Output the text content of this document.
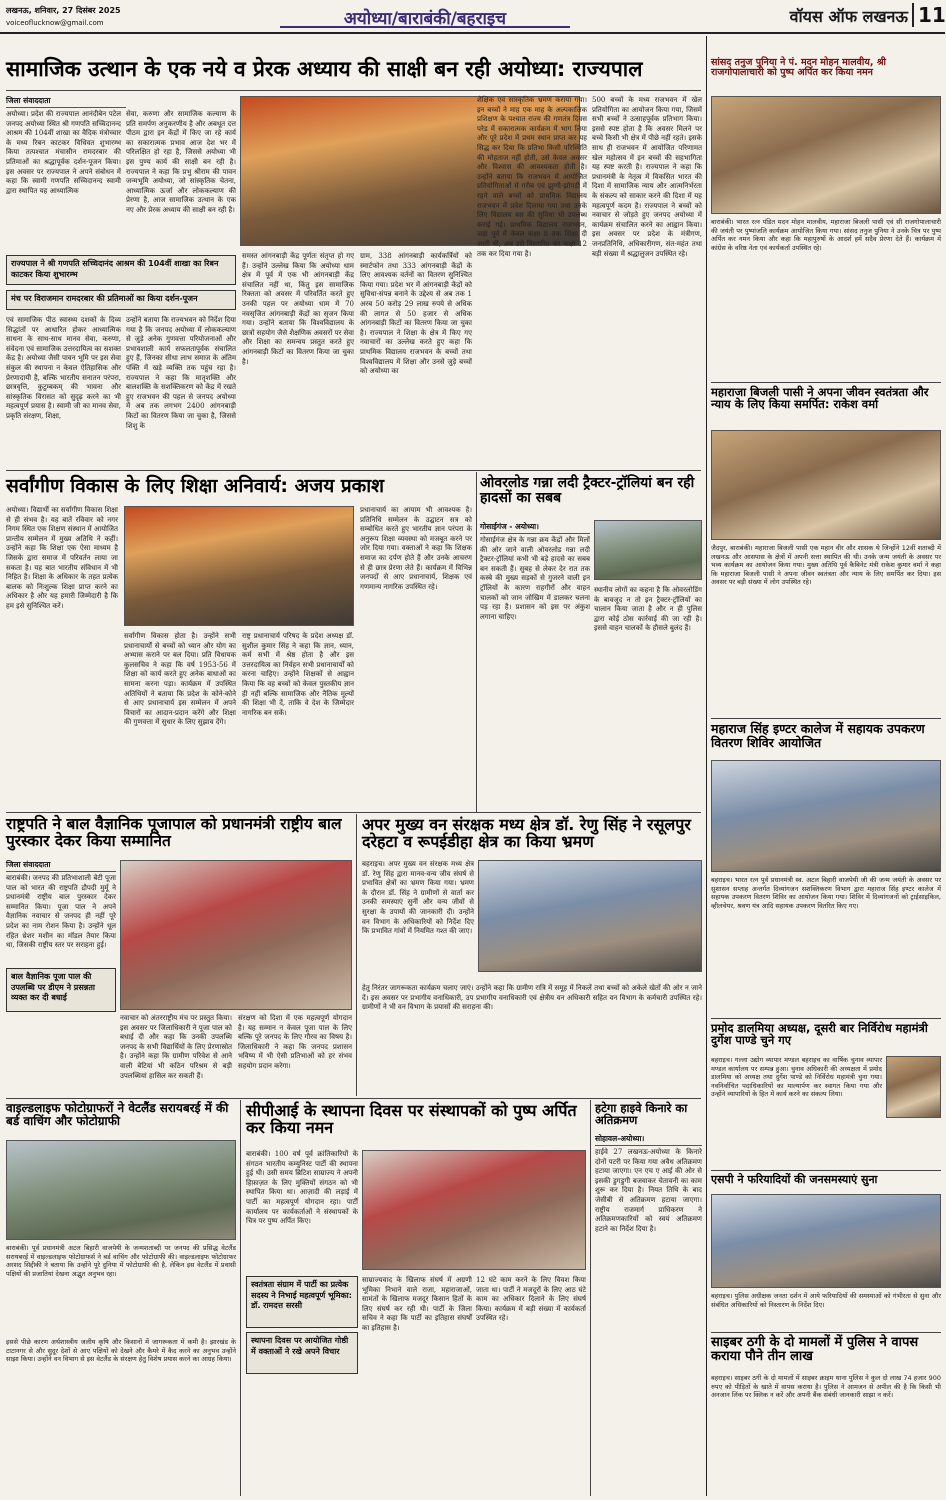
लखनऊ, शनिवार, 27 दिसंबर 2025
voiceoflucknow@gmail.com	अयोध्या/बाराबंकी/बहराइच	वॉयस ऑफ लखनऊ 11
सामाजिक उत्थान के एक नये व प्रेरक अध्याय की साक्षी बन रही अयोध्या: राज्यपाल
जिला संवाददाता
अयोध्या। प्रदेश की राज्यपाल आनंदीबेन पटेल जनपद अयोध्या स्थित श्री गणपति सच्चिदानन्द आश्रम की 104वीं शाखा का वैदिक मंत्रोच्चार के मध्य रिबन काटकर विधिवत शुभारम्भ किया तत्पश्चात मंचासीन रामदरबार की प्रतिमाओं का श्रद्धापूर्वक दर्शन-पूजन किया। इस अवसर पर राज्यपाल ने अपने संबोधन में कहा कि स्वामी गणपति सच्चिदानन्द स्वामी द्वारा स्थापित यह आध्यात्मिक
सेवा, करुणा और सामाजिक कल्याण के प्रति समर्पण अनुकरणीय है और अबधूत दत्त पीठम द्वारा इन केंद्रों में किए जा रहे कार्य का सकारात्मक प्रभाव आज देश भर में परिलक्षित हो रहा है, जिससे अयोध्या भी इस पुण्य कार्य की साक्षी बन रही है। राज्यपाल ने कहा कि प्रभु श्रीराम की पावन जन्मभूमि अयोध्या, जो सांस्कृतिक चेतना, आध्यात्मिक ऊर्जा और लोककल्याण की प्रेरणा है, आज सामाजिक उत्थान के एक नए और प्रेरक अध्याय की साक्षी बन रही है।
राज्यपाल ने श्री गणपति सच्चिदानंद आश्रम की 104वीं शाखा का रिबन काटकर किया शुभारम्भ
मंच पर विराजमान रामदरबार की प्रतिमाओं का किया दर्शन-पूजन
एवं सामाजिक पीठ स्वास्थ्य दशकों के दिव्य सिद्धांतों पर आधारित होकर आध्यात्मिक साधना के साथ-साथ मानव सेवा, करुणा, संवेदना एवं सामाजिक उत्तरदायित्व का सशक्त केंद्र है। अयोध्या जैसी पावन भूमि पर इस सेवा संकुल की स्थापना न केवल ऐतिहासिक और प्रेरणादायी है, बल्कि भारतीय सनातन परंपरा, छात्रवृत्ति, कुटुम्बकम् की भावना और सांस्कृतिक विरासत को सुदृढ़ करने का भी महत्वपूर्ण प्रयास है। स्वामी जी का मानव सेवा, प्रकृति संरक्षण, शिक्षा,
उन्होंने बताया कि राज्यभवन को निर्देश दिया गया है कि जनपद अयोध्या में लोककल्याण से जुड़े अनेक गुणवत्ता परियोजनाओं और प्रभावशाली कार्य सफलतापूर्वक संचालित हुए हैं, जिनका सीधा लाभ समाज के अंतिम पंक्ति में खड़े व्यक्ति तक पहुंच रहा है। राज्यपाल ने कहा कि मातृशक्ति और बालशक्ति के सशक्तिकरण को केंद्र में रखते हुए राजभवन की पहल से जनपद अयोध्या में अब तक लगभग 2400 आंगनबाड़ी किटों का वितरण किया जा चुका है, जिससे शिशु के
समस्त आंगनबाड़ी केंद्र पूर्णतः संतृप्त हो गए हैं। उन्होंने उल्लेख किया कि अयोध्या धाम क्षेत्र में पूर्व में एक भी आंगनबाड़ी केंद्र संचालित नहीं था, किंतु इस सामाजिक रिक्तता को अवसर में परिवर्तित करते हुए उनकी पहल पर अयोध्या धाम में 70 नवसृजित आंगनबाड़ी केंद्रों का सृजन किया गया। उन्होंने बताया कि विश्वविद्यालय के छात्रों सहयोग जैसे शैक्षणिक अवसरों पर सेवा और शिक्षा का समन्वय प्रस्तुत करते हुए आंगनबाड़ी किटों का वितरण किया जा चुका है।
ग्राम, 338 आंगनबाड़ी कार्यकर्त्रियों को स्मार्टफोन तथा 333 आंगनबाड़ी केंद्रों के लिए आवश्यक वर्तनों का वितरण सुनिश्चित किया गया। प्रदेश भर में आंगनबाड़ी केंद्रों को सुविधा-संपन्न बनाने के उद्देश्य से अब तक 1 अरब 50 करोड़ 29 लाख रुपये से अधिक की लागत से 50 हजार से अधिक आंगनबाड़ी किटों का वितरण किया जा चुका है। राज्यपाल ने शिक्षा के क्षेत्र में किए गए नवाचारों का उल्लेख करते हुए कहा कि प्राथमिक विद्यालय राजभवन के बच्चों तथा विश्वविद्यालय में शिक्षा और उनसे जुड़े बच्चों को अयोध्या का
शैक्षिक एवं सांस्कृतिक भ्रमण कराया गया। इन बच्चों ने माह एक माह के अल्पकालिक प्रशिक्षण के पश्चात राज्य की गणतंत्र दिवस परेड में सकारात्मक कार्यक्रम में भाग लिया और पूरे प्रदेश में प्रथम स्थान प्राप्त कर यह सिद्ध कर दिया कि प्रतिभा किसी परिस्थिति की मोहताज नहीं होती, उसे केवल अवसर और विश्वास की आवश्यकता होती है। उन्होंने बताया कि राजभवन में आयोजित प्रतियोगिताओं में गरीब एवं झुग्गी-झोपड़ी में रहने वाले बच्चों को प्राथमिक विद्यालय राजभवन में प्रवेश दिलाया गया तथा उनके लिए विद्यालय बस की सुविधा भी उपलब्ध कराई गई। प्राथमिक विद्यालय राजभवन, जहां पूर्व में केवल कक्षा 8 तक शिक्षा दी जाती थी, अब उसे विस्तारित कर कक्षा 12 तक कर दिया गया है।
500 बच्चों के मध्य राजभवन में खेल प्रतियोगिता का आयोजन किया गया, जिसमें सभी बच्चों ने उत्साहपूर्वक प्रतिभाग किया। इससे स्पष्ट होता है कि अवसर मिलने पर बच्चे किसी भी क्षेत्र में पीछे नहीं रहते। इसके साथ ही राजभवन में आयोजित परिणामत खेल महोत्सव में इन बच्चों की सहभागिता यह स्पष्ट करती है। राज्यपाल ने कहा कि प्रधानमंत्री के नेतृत्व में विकसित भारत की दिशा में सामाजिक न्याय और आत्मनिर्भरता के संकल्प को साकार करने की दिशा में यह महत्वपूर्ण कदम है। राज्यपाल ने बच्चों को नवाचार से जोड़ते हुए जनपद अयोध्या में कार्यक्रम संचालित करने का आह्वान किया। इस अवसर पर प्रदेश के मंत्रीगण, जनप्रतिनिधि, अधिकारीगण, संत-महंत तथा बड़ी संख्या में श्रद्धालुजन उपस्थित रहे।
सर्वांगीण विकास के लिए शिक्षा अनिवार्य: अजय प्रकाश
अयोध्या। विद्यार्थी का सर्वांगीण विकास शिक्षा से ही संभव है। यह बातें रविवार को नगर निगम स्थित एक शिक्षण संस्थान में आयोजित प्रान्तीय सम्मेलन में मुख्य अतिथि ने कहीं। उन्होंने कहा कि शिक्षा एक ऐसा माध्यम है जिसके द्वारा समाज में परिवर्तन लाया जा सकता है। यह बात भारतीय संविधान में भी निहित है। शिक्षा के अधिकार के तहत प्रत्येक बालक को निःशुल्क शिक्षा प्राप्त करने का अधिकार है और यह हमारी जिम्मेदारी है कि हम इसे सुनिश्चित करें।
सर्वांगीण विकास होता है। उन्होंने सभी प्रधानाचार्यों से बच्चों को ध्यान और योग का अभ्यास कराने पर बल दिया। प्रति विधायक कुलसचिव ने कहा कि वर्ष 1953-56 में शिक्षा को कार्य करते हुए अनेक बाधाओं का सामना करना पड़ा। कार्यक्रम में उपस्थित अतिथियों ने बताया कि प्रदेश के कोने-कोने से आए प्रधानाचार्य इस सम्मेलन में अपने विचारों का आदान-प्रदान करेंगे और शिक्षा की गुणवत्ता में सुधार के लिए सुझाव देंगे।
राष्ट्र प्रधानाचार्य परिषद के प्रदेश अध्यक्ष डॉ. सुशील कुमार सिंह ने कहा कि ज्ञान, ध्यान, कर्म सभी में श्रेष्ठ होता है और इस उत्तरदायित्व का निर्वहन सभी प्रधानाचार्यों को करना चाहिए। उन्होंने शिक्षकों से आह्वान किया कि वह बच्चों को केवल पुस्तकीय ज्ञान ही नहीं बल्कि सामाजिक और नैतिक मूल्यों की शिक्षा भी दें, ताकि वे देश के जिम्मेदार नागरिक बन सकें।
प्रधानाचार्य का आयाम भी आवश्यक है। प्रतिनिधि सम्मेलन के उद्घाटन सत्र को सम्बोधित करते हुए भारतीय ज्ञान परंपरा के अनुरूप शिक्षा व्यवस्था को मजबूत करने पर जोर दिया गया। वक्ताओं ने कहा कि शिक्षक समाज का दर्पण होते हैं और उनके आचरण से ही छात्र प्रेरणा लेते हैं। कार्यक्रम में विभिन्न जनपदों से आए प्रधानाचार्य, शिक्षक एवं गणमान्य नागरिक उपस्थित रहे।
ओवरलोड गन्ना लदी ट्रैक्टर-ट्रॉलियां बन रही हादसों का सबब
गोसाईगंज - अयोध्या।
गोसाईगंज क्षेत्र के गन्ना क्रय केंद्रों और मिलों की ओर जाने वाली ओवरलोड गन्ना लदी ट्रैक्टर-ट्रॉलियां कभी भी बड़े हादसे का सबब बन सकती हैं। सुबह से लेकर देर रात तक कस्बे की मुख्य सड़कों से गुजरने वाली इन ट्रॉलियों के कारण राहगीरों और वाहन चालकों को जान जोखिम में डालकर चलना पड़ रहा है। प्रशासन को इस पर अंकुश लगाना चाहिए।
स्थानीय लोगों का कहना है कि ओवरलोडिंग के बावजूद न तो इन ट्रैक्टर-ट्रॉलियों का चालान किया जाता है और न ही पुलिस द्वारा कोई ठोस कार्रवाई की जा रही है। इससे वाहन चालकों के हौसले बुलंद हैं।
राष्ट्रपति ने बाल वैज्ञानिक पूजापाल को प्रधानमंत्री राष्ट्रीय बाल पुरस्कार देकर किया सम्मानित
जिला संवाददाता
बाराबंकी। जनपद की प्रतिभाशाली बेटी पूजा पाल को भारत की राष्ट्रपति द्रौपदी मुर्मू ने प्रधानमंत्री राष्ट्रीय बाल पुरस्कार देकर सम्मानित किया। पूजा पाल ने अपने वैज्ञानिक नवाचार से जनपद ही नहीं पूरे प्रदेश का नाम रोशन किया है। उन्होंने धूल रहित थ्रेशर मशीन का मॉडल तैयार किया था, जिसकी राष्ट्रीय स्तर पर सराहना हुई।
बाल वैज्ञानिक पूजा पाल की उपलब्धि पर डीएम ने प्रसन्नता व्यक्त कर दी बधाई
नवाचार को अंतरराष्ट्रीय मंच पर प्रस्तुत किया। इस अवसर पर जिलाधिकारी ने पूजा पाल को बधाई दी और कहा कि उनकी उपलब्धि जनपद के सभी विद्यार्थियों के लिए प्रेरणास्रोत है। उन्होंने कहा कि ग्रामीण परिवेश से आने वाली बेटियां भी कठिन परिश्रम से बड़ी उपलब्धियां हासिल कर सकती हैं।
संरक्षण को दिशा में एक महत्वपूर्ण योगदान है। यह सम्मान न केवल पूजा पाल के लिए बल्कि पूरे जनपद के लिए गौरव का विषय है। जिलाधिकारी ने कहा कि जनपद प्रशासन भविष्य में भी ऐसी प्रतिभाओं को हर संभव सहयोग प्रदान करेगा।
अपर मुख्य वन संरक्षक मध्य क्षेत्र डॉ. रेणु सिंह ने रसूलपुर दरेहटा व रूपईडीहा क्षेत्र का किया भ्रमण
बहराइच। अपर मुख्य वन संरक्षक मध्य क्षेत्र डॉ. रेणु सिंह द्वारा मानव-वन्य जीव संघर्ष से प्रभावित क्षेत्रों का भ्रमण किया गया। भ्रमण के दौरान डॉ. सिंह ने ग्रामीणों से वार्ता कर उनकी समस्याएं सुनीं और वन्य जीवों से सुरक्षा के उपायों की जानकारी दी। उन्होंने वन विभाग के अधिकारियों को निर्देश दिए कि प्रभावित गांवों में नियमित गश्त की जाए।
हेतु निरंतर जागरूकता कार्यक्रम चलाए जाएं। उन्होंने कहा कि ग्रामीण रात्रि में समूह में निकलें तथा बच्चों को अकेले खेतों की ओर न जाने दें। इस अवसर पर प्रभागीय वनाधिकारी, उप प्रभागीय वनाधिकारी एवं क्षेत्रीय वन अधिकारी सहित वन विभाग के कर्मचारी उपस्थित रहे। ग्रामीणों ने भी वन विभाग के प्रयासों की सराहना की।
वाइल्डलाइफ फोटोग्राफरों ने वेटलैंड सरायबरई में की बर्ड वाचिंग और फोटोग्राफी
बाराबंकी। पूर्व प्रधानमंत्री अटल बिहारी वाजपेयी के जन्मशताब्दी पर जनपद की प्रसिद्ध वेटलैंड सरायबरई में वाइल्डलाइफ फोटोग्राफर्स ने बर्ड वाचिंग और फोटोग्राफी की। वाइल्डलाइफ फोटोग्राफर अरशद सिद्दीकी ने बताया कि उन्होंने पूरे दुनिया में फोटोग्राफी की है, लेकिन इस वेटलैंड में प्रवासी पक्षियों की प्रजातियां देखना अद्भुत अनुभव रहा।
इससे पीछे कारण अर्थशास्त्रीय जलीय कृषि और किसानों में जागरूकता में कमी है। झारखंड के टाटानगर से और सुदूर देशों से आए पक्षियों को देखने और कैमरे में कैद करने का अनुभव उन्होंने साझा किया। उन्होंने वन विभाग से इस वेटलैंड के संरक्षण हेतु विशेष प्रयास करने का आग्रह किया।
सीपीआई के स्थापना दिवस पर संस्थापकों को पुष्प अर्पित कर किया नमन
बाराबंकी। 100 वर्ष पूर्व क्रांतिकारियों के संगठन भारतीय कम्युनिस्ट पार्टी की स्थापना हुई थी। उसी समय ब्रिटिश साम्राज्य ने अपनी हिफ़ाज़त के लिए मुक्तियों संगठन को भी स्थापित किया था। आज़ादी की लड़ाई में पार्टी का महत्वपूर्ण योगदान रहा। पार्टी कार्यालय पर कार्यकर्ताओं ने संस्थापकों के चित्र पर पुष्प अर्पित किए।
स्वतंत्रता संग्राम में पार्टी का प्रत्येक सदस्य ने निभाई महत्वपूर्ण भूमिका: डॉ. रामदत्त सरसी
स्थापना दिवस पर आयोजित गोष्ठी में वक्ताओं ने रखे अपने विचार
साम्राज्यवाद के खिलाफ संघर्ष में अग्रणी भूमिका निभाने वाले राजा, महाराजाओं, सामंतों के खिलाफ मजदूर किसान हितों के लिए संघर्ष कर रही थी। पार्टी के जिला सचिव ने कहा कि पार्टी का इतिहास संघर्षों का इतिहास है।
12 घंटे काम करने के लिए विवश किया जाता था। पार्टी ने मजदूरों के लिए आठ घंटे काम का अधिकार दिलाने के लिए संघर्ष किया। कार्यक्रम में बड़ी संख्या में कार्यकर्ता उपस्थित रहे।
हटेगा हाइवे किनारे का अतिक्रमण
सोहावल-अयोध्या।
हाईवे 27 लखनऊ-अयोध्या के किनारे दोनों पटरी पर किया गया अवैध अतिक्रमण हटाया जाएगा। एन एच ए आई की ओर से इसकी डुगडुगी बजवाकर चेतावनी का काम शुरू कर दिया है। नियत तिथि के बाद जेसीबी से अतिक्रमण हटाया जाएगा। राष्ट्रीय राजमार्ग प्राधिकरण ने अतिक्रमणकारियों को स्वयं अतिक्रमण हटाने का निर्देश दिया है।
सांसद तनुज पुनिया ने पं. मदन मोहन मालवीय, श्री राजगोपालाचारी को पुष्प अर्पित कर किया नमन
बाराबंकी। भारत रत्न पंडित मदन मोहन मालवीय, महाराजा बिजली पासी एवं सी राजगोपालाचारी की जयंती पर पुष्पांजलि कार्यक्रम आयोजित किया गया। सांसद तनुज पुनिया ने उनके चित्र पर पुष्प अर्पित कर नमन किया और कहा कि महापुरुषों के आदर्श हमें सदैव प्रेरणा देते हैं। कार्यक्रम में कांग्रेस के वरिष्ठ नेता एवं कार्यकर्ता उपस्थित रहे।
महाराजा बिजली पासी ने अपना जीवन स्वतंत्रता और न्याय के लिए किया समर्पित: राकेश वर्मा
जैदपुर, बाराबंकी। महाराजा बिजली पासी एक महान वीर और शासक थे जिन्होंने 12वीं शताब्दी में लखनऊ और आसपास के क्षेत्रों में अपनी सत्ता स्थापित की थी। उनके जन्म जयंती के अवसर पर भव्य कार्यक्रम का आयोजन किया गया। मुख्य अतिथि पूर्व कैबिनेट मंत्री राकेश कुमार वर्मा ने कहा कि महाराजा बिजली पासी ने अपना जीवन स्वतंत्रता और न्याय के लिए समर्पित कर दिया। इस अवसर पर बड़ी संख्या में लोग उपस्थित रहे।
महाराज सिंह इण्टर कालेज में सहायक उपकरण वितरण शिविर आयोजित
बहराइच। भारत रत्न पूर्व प्रधानमंत्री स्व. अटल बिहारी वाजपेयी जी की जन्म जयंती के अवसर पर सुशासन सप्ताह अन्तर्गत दिव्यांगजन सशक्तिकरण विभाग द्वारा महाराज सिंह इण्टर कालेज में सहायक उपकरण वितरण शिविर का आयोजन किया गया। शिविर में दिव्यांगजनों को ट्राईसाइकिल, व्हीलचेयर, श्रवण यंत्र आदि सहायक उपकरण वितरित किए गए।
प्रमोद डालमिया अध्यक्ष, दूसरी बार निर्विरोध महामंत्री दुर्गेश पाण्डे चुने गए
बहराइच। गल्ला उद्योग व्यापार मण्डल बहराइच का वार्षिक चुनाव व्यापार मण्डल कार्यालय पर सम्पन्न हुआ। चुनाव अधिकारी की अध्यक्षता में प्रमोद डालमिया को अध्यक्ष तथा दुर्गेश पाण्डे को निर्विरोध महामंत्री चुना गया। नवनिर्वाचित पदाधिकारियों का माल्यार्पण कर स्वागत किया गया और उन्होंने व्यापारियों के हित में कार्य करने का संकल्प लिया।
एसपी ने फरियादियों की जनसमस्याएं सुना
बहराइच। पुलिस अधीक्षक जनता दर्शन में आये फरियादियों की समस्याओं को गंभीरता से सुना और संबंधित अधिकारियों को निस्तारण के निर्देश दिए।
साइबर ठगी के दो मामलों में पुलिस ने वापस कराया पौने तीन लाख
बहराइच। साइबर ठगी के दो मामलों में साइबर क्राइम थाना पुलिस ने कुल दो लाख 74 हजार 900 रुपए को पीड़ितों के खाते में वापस कराया है। पुलिस ने आमजन से अपील की है कि किसी भी अनजान लिंक पर क्लिक न करें और अपनी बैंक संबंधी जानकारी साझा न करें।
